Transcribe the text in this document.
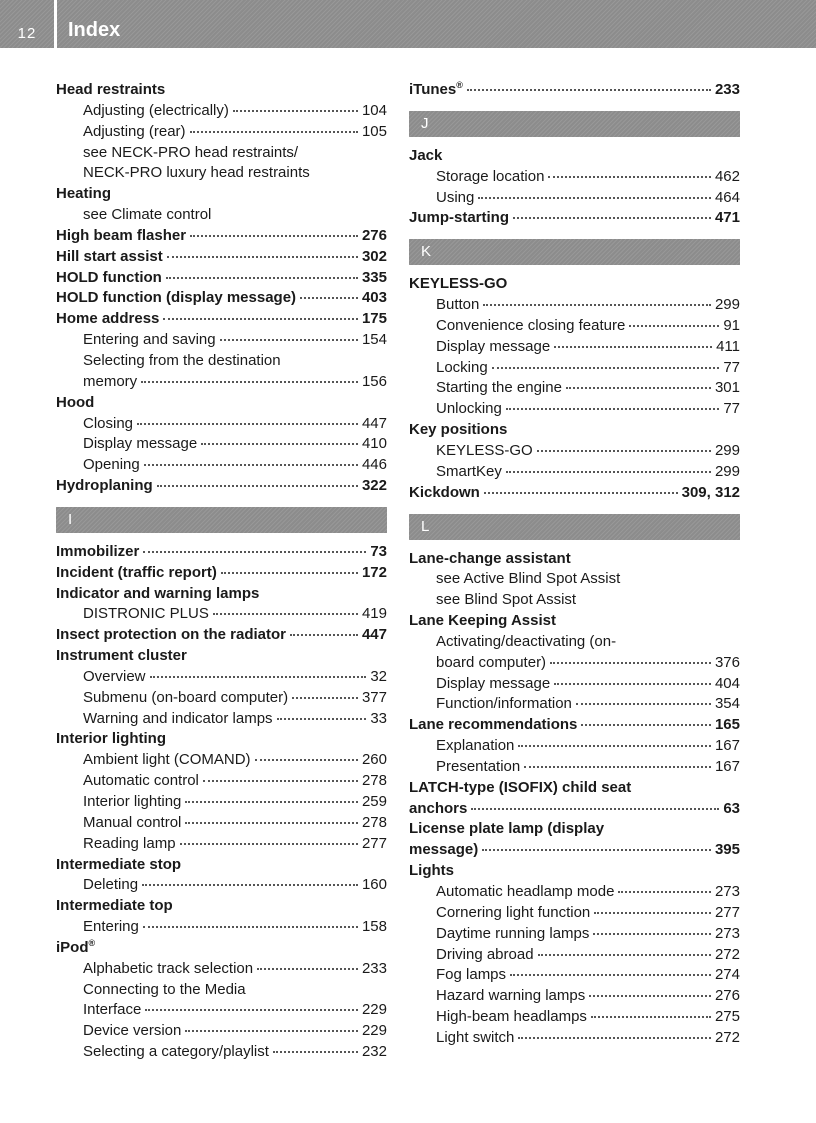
12	Index
Head restraints
Adjusting (electrically)	104
Adjusting (rear)	105
see NECK-PRO head restraints/
NECK-PRO luxury head restraints
Heating
see Climate control
High beam flasher	276
Hill start assist	302
HOLD function	335
HOLD function (display message)	403
Home address	175
Entering and saving	154
Selecting from the destination
memory	156
Hood
Closing	447
Display message	410
Opening	446
Hydroplaning	322
I
Immobilizer	73
Incident (traffic report)	172
Indicator and warning lamps
DISTRONIC PLUS	419
Insect protection on the radiator	447
Instrument cluster
Overview	32
Submenu (on-board computer)	377
Warning and indicator lamps	33
Interior lighting
Ambient light (COMAND)	260
Automatic control	278
Interior lighting	259
Manual control	278
Reading lamp	277
Intermediate stop
Deleting	160
Intermediate top
Entering	158
iPod®
Alphabetic track selection	233
Connecting to the Media
Interface	229
Device version	229
Selecting a category/playlist	232
iTunes®	233
J
Jack
Storage location	462
Using	464
Jump-starting	471
K
KEYLESS-GO
Button	299
Convenience closing feature	91
Display message	411
Locking	77
Starting the engine	301
Unlocking	77
Key positions
KEYLESS-GO	299
SmartKey	299
Kickdown	309, 312
L
Lane-change assistant
see Active Blind Spot Assist
see Blind Spot Assist
Lane Keeping Assist
Activating/deactivating (on-
board computer)	376
Display message	404
Function/information	354
Lane recommendations	165
Explanation	167
Presentation	167
LATCH-type (ISOFIX) child seat
anchors	63
License plate lamp (display
message)	395
Lights
Automatic headlamp mode	273
Cornering light function	277
Daytime running lamps	273
Driving abroad	272
Fog lamps	274
Hazard warning lamps	276
High-beam headlamps	275
Light switch	272
